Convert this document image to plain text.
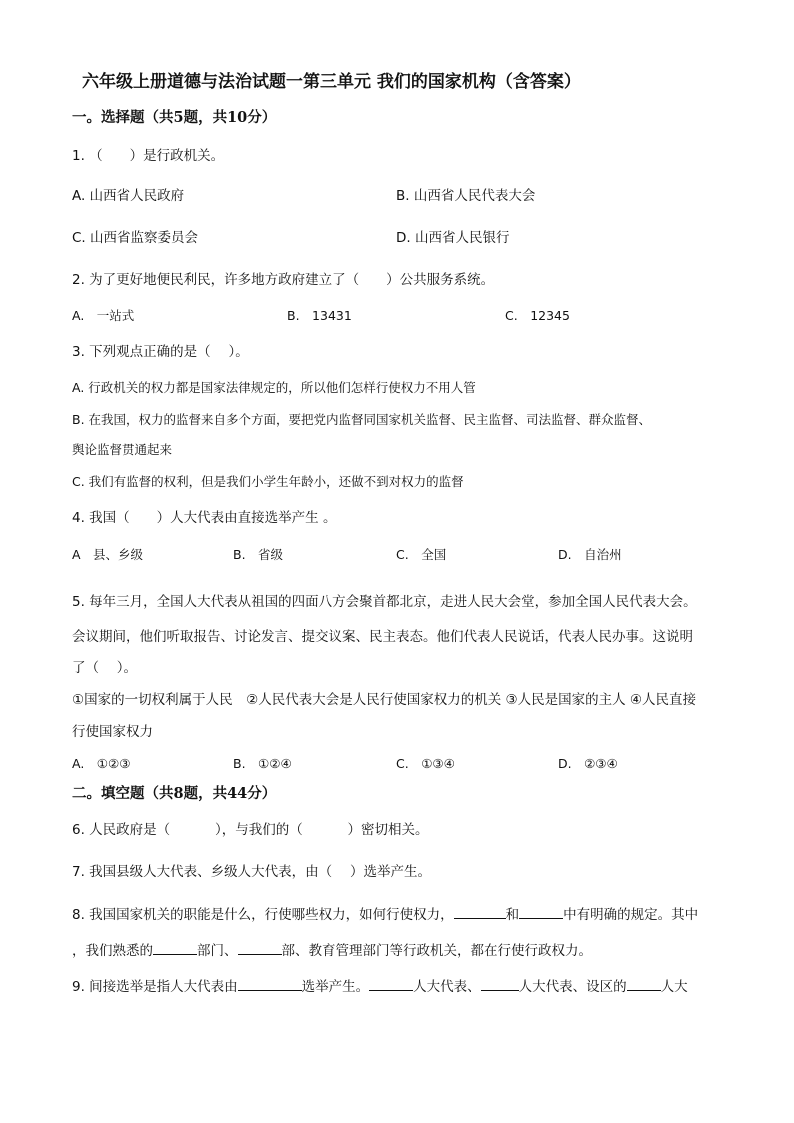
六年级上册道德与法治试题一第三单元 我们的国家机构（含答案）
一。选择题（共5题，共10分）
1. （　　）是行政机关。
A. 山西省人民政府	B. 山西省人民代表大会
C. 山西省监察委员会	D. 山西省人民银行
2. 为了更好地便民利民，许多地方政府建立了（　　）公共服务系统。
A.　一站式	B.　13431	C.　12345
3. 下列观点正确的是（　 ）。
A. 行政机关的权力都是国家法律规定的，所以他们怎样行使权力不用人管
B. 在我国，权力的监督来自多个方面，要把党内监督同国家机关监督、民主监督、司法监督、群众监督、
舆论监督贯通起来
C. 我们有监督的权利，但是我们小学生年龄小，还做不到对权力的监督
4. 我国（　　）人大代表由直接选举产生 。
A　县、乡级	B.　省级	C.　全国	D.　自治州
5. 每年三月，全国人大代表从祖国的四面八方会聚首都北京，走进人民大会堂，参加全国人民代表大会。
会议期间，他们听取报告、讨论发言、提交议案、民主表态。他们代表人民说话，代表人民办事。这说明
了（　 ）。
①国家的一切权利属于人民　②人民代表大会是人民行使国家权力的机关 ③人民是国家的主人 ④人民直接
行使国家权力
A.　①②③	B.　①②④	C.　①③④	D.　②③④
二。填空题（共8题，共44分）
6. 人民政府是（　　　 ），与我们的（　　　 ）密切相关。
7. 我国县级人大代表、乡级人大代表，由（　 ）选举产生。
8. 我国国家机关的职能是什么，行使哪些权力，如何行使权力，	和	中有明确的规定。其中
，我们熟悉的	部门、	部、教育管理部门等行政机关，都在行使行政权力。
9. 间接选举是指人大代表由	选举产生。	人大代表、	人大代表、设区的	人大
